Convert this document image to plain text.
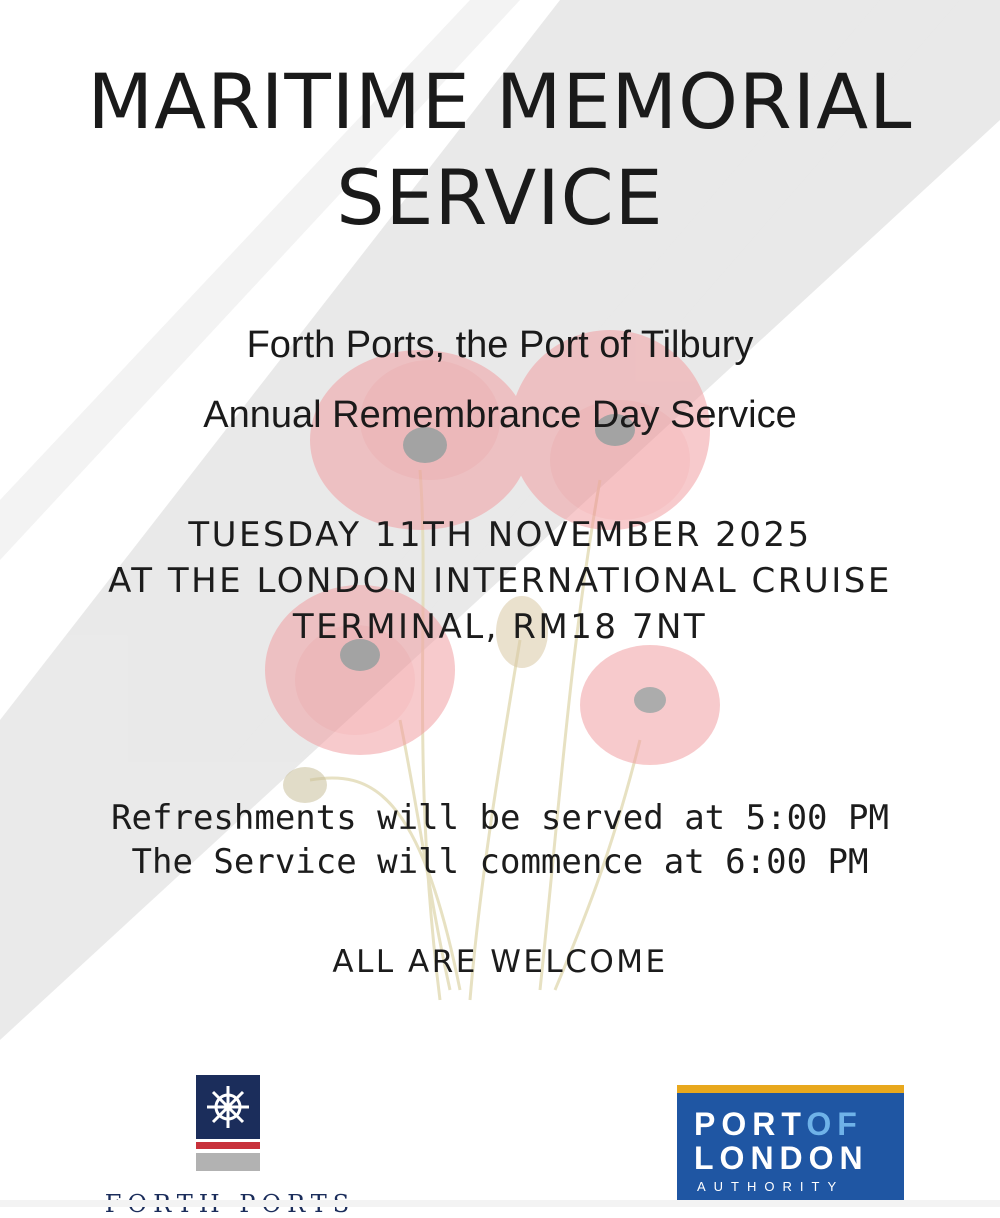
MARITIME MEMORIAL
SERVICE
Forth Ports, the Port of Tilbury
Annual Remembrance Day Service
TUESDAY 11TH NOVEMBER 2025
AT THE LONDON INTERNATIONAL CRUISE
TERMINAL, RM18 7NT
Refreshments will be served at 5:00 PM
The Service will commence at 6:00 PM
ALL ARE WELCOME
PORTOF
LONDON
AUTHORITY
